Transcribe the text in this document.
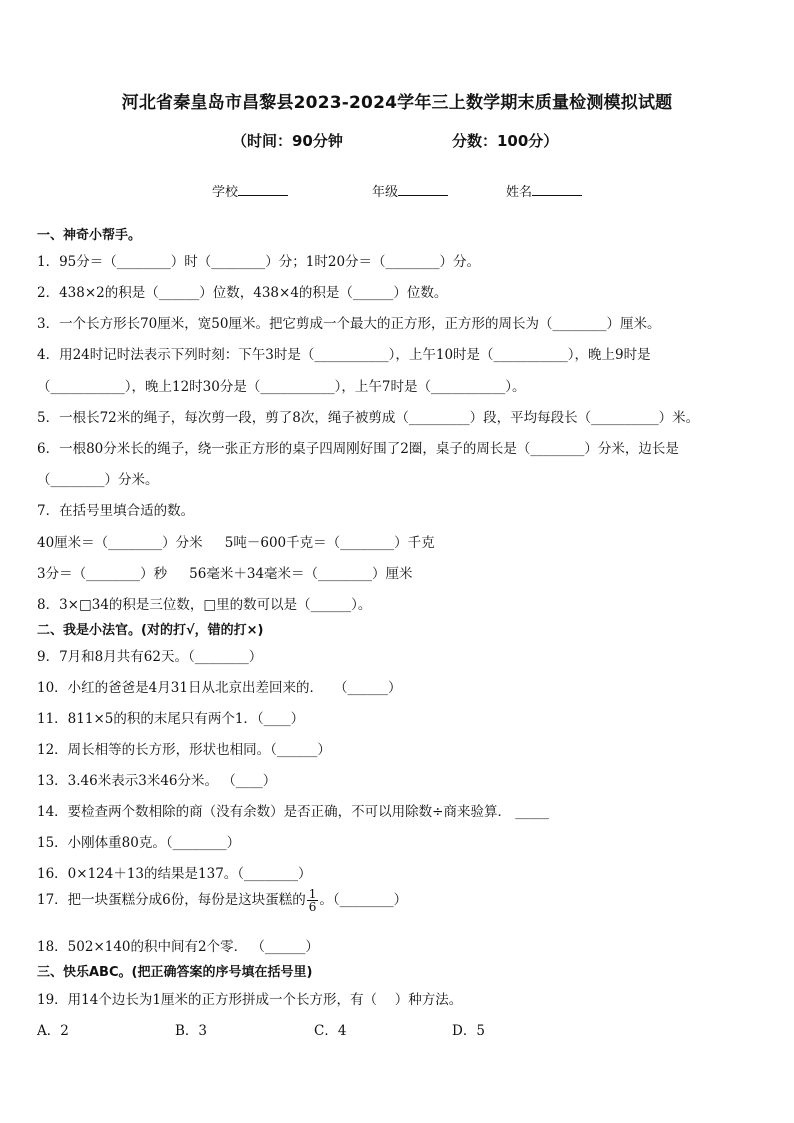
河北省秦皇岛市昌黎县2023-2024学年三上数学期末质量检测模拟试题
（时间：90分钟	分数：100分）
学校	年级	姓名
一、神奇小帮手。
1．95分＝（________）时（________）分；1时20分＝（________）分。
2．438×2的积是（______）位数，438×4的积是（______）位数。
3．一个长方形长70厘米，宽50厘米。把它剪成一个最大的正方形，正方形的周长为（________）厘米。
4．用24时记时法表示下列时刻：下午3时是（___________），上午10时是（___________），晚上9时是
（___________），晚上12时30分是（___________），上午7时是（___________）。
5．一根长72米的绳子，每次剪一段，剪了8次，绳子被剪成（_________）段，平均每段长（__________）米。
6．一根80分米长的绳子，绕一张正方形的桌子四周刚好围了2圈，桌子的周长是（________）分米，边长是
（________）分米。
7．在括号里填合适的数。
40厘米＝（________）分米 　 5吨－600千克＝（________）千克
3分＝（________）秒 　 56毫米＋34毫米＝（________）厘米
8．3×□34的积是三位数，□里的数可以是（______）。
二、我是小法官。(对的打√，错的打×)
9．7月和8月共有62天。（________）
10．小红的爸爸是4月31日从北京出差回来的． 　（______）
11．811×5的积的末尾只有两个1．（____）
12．周长相等的长方形，形状也相同。（______）
13．3.46米表示3米46分米。 （____）
14．要检查两个数相除的商（没有余数）是否正确，不可以用除数÷商来验算． _____
15．小刚体重80克。（________）
16．0×124＋13的结果是137。（________）
17．把一块蛋糕分成6份，每份是这块蛋糕的 $\frac{1}{6}$ 。（________）
18．502×140的积中间有2个零． （______）
三、快乐ABC。(把正确答案的序号填在括号里)
19．用14个边长为1厘米的正方形拼成一个长方形，有（ 　）种方法。
A．2	B．3	C．4	D．5
